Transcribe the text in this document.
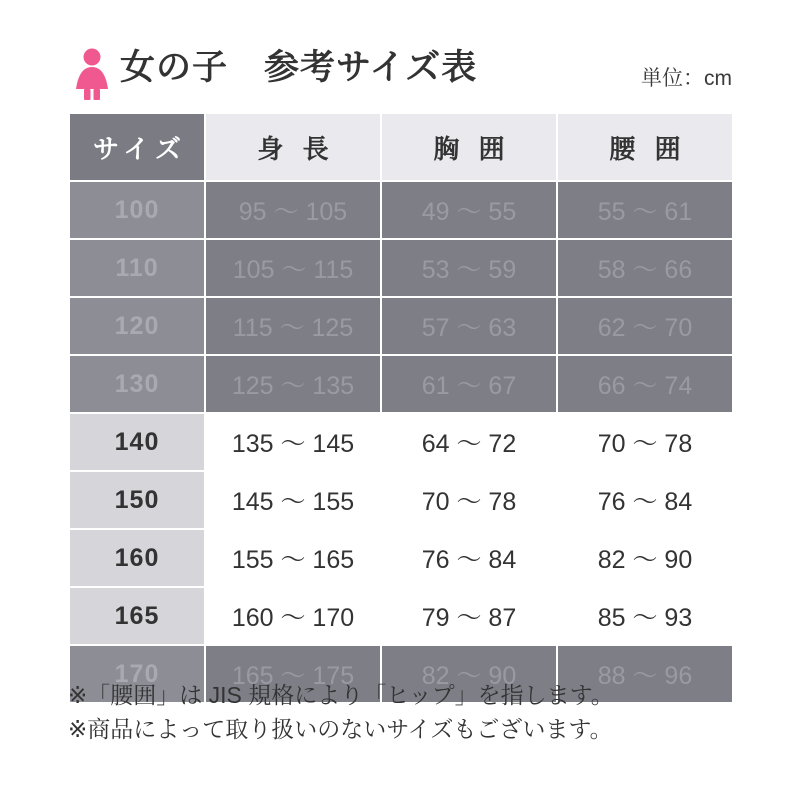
女の子　参考サイズ表	単位：cm
サイズ	身 長	胸 囲	腰 囲
100	95 〜 105	49 〜 55	55 〜 61
110	105 〜 115	53 〜 59	58 〜 66
120	115 〜 125	57 〜 63	62 〜 70
130	125 〜 135	61 〜 67	66 〜 74
140	135 〜 145	64 〜 72	70 〜 78
150	145 〜 155	70 〜 78	76 〜 84
160	155 〜 165	76 〜 84	82 〜 90
165	160 〜 170	79 〜 87	85 〜 93
170	165 〜 175	82 〜 90	88 〜 96
※「腰囲」は JIS 規格により「ヒップ」を指します。
※商品によって取り扱いのないサイズもございます。
